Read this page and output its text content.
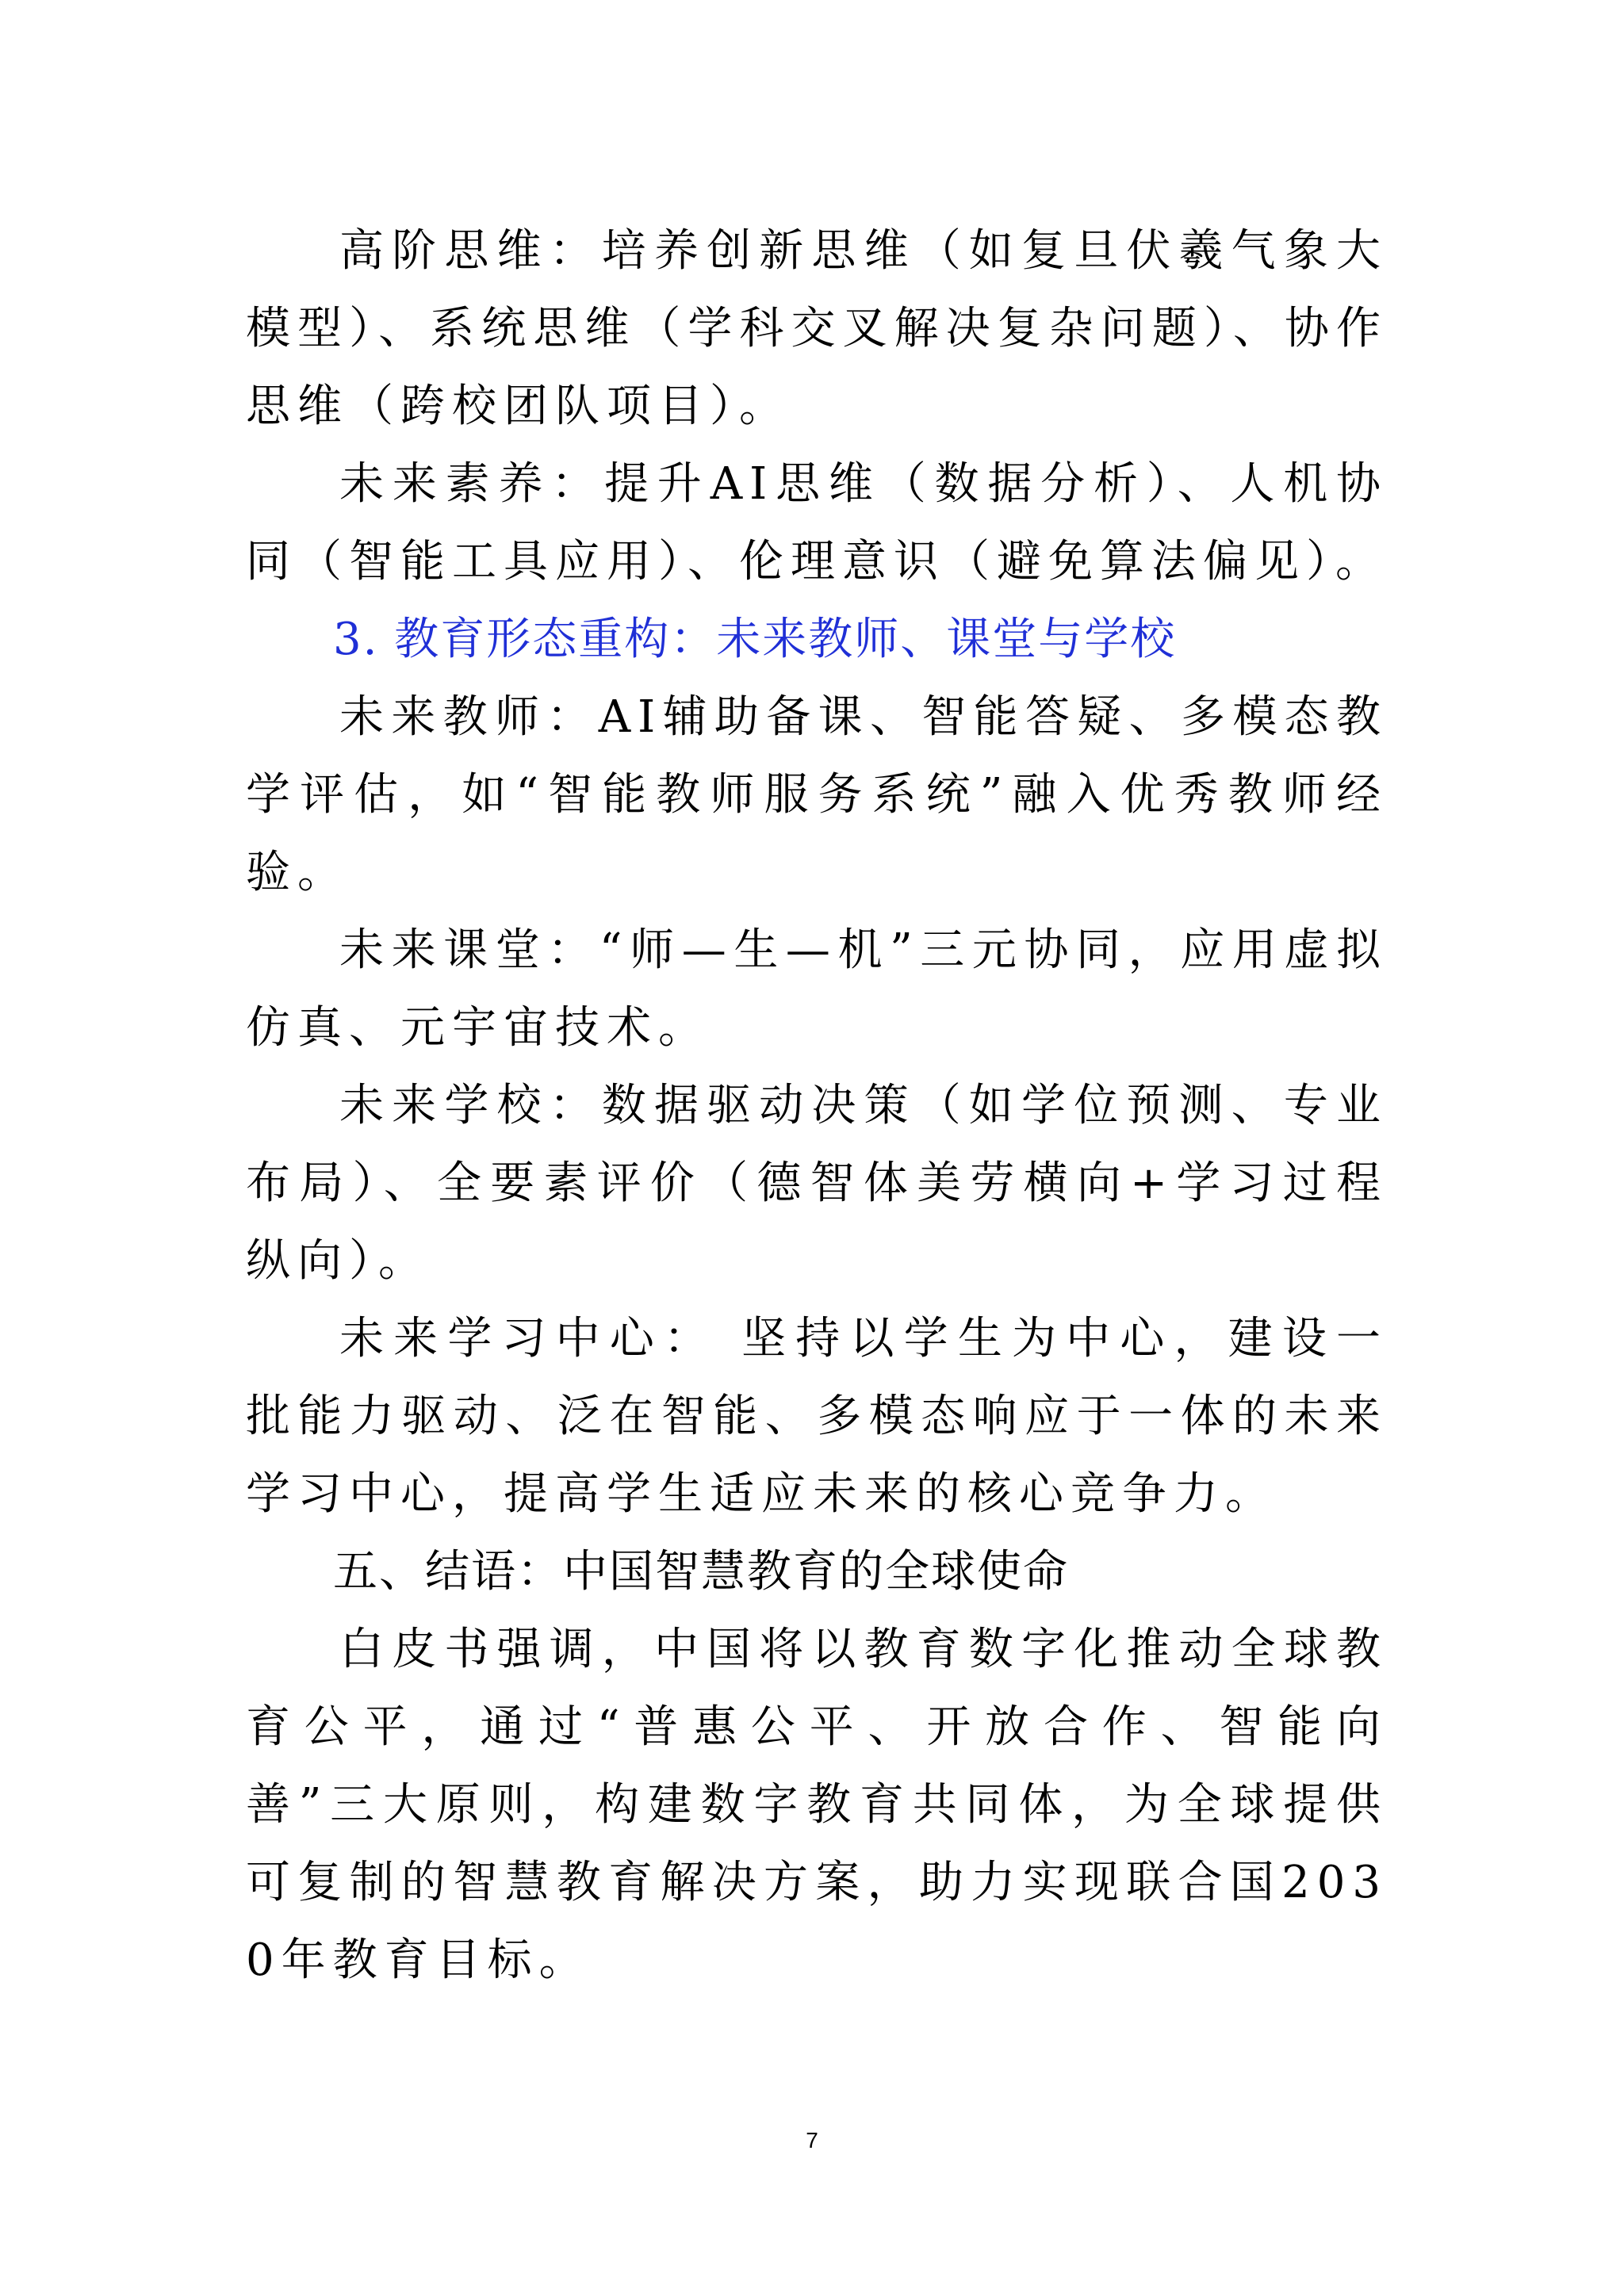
高阶思维：培养创新思维（如复旦伏羲气象大模型）、系统思维（学科交叉解决复杂问题）、协作思维（跨校团队项目）。

未来素养：提升AI思维（数据分析）、人机协同（智能工具应用）、伦理意识（避免算法偏见）。

3. 教育形态重构：未来教师、课堂与学校

未来教师：AI辅助备课、智能答疑、多模态教学评估，如“智能教师服务系统”融入优秀教师经验。

未来课堂：“师—生—机”三元协同，应用虚拟仿真、元宇宙技术。

未来学校：数据驱动决策（如学位预测、专业布局）、全要素评价（德智体美劳横向+学习过程纵向）。

未来学习中心： 坚持以学生为中心，建设一批能力驱动、泛在智能、多模态响应于一体的未来学习中心，提高学生适应未来的核心竞争力。

五、结语：中国智慧教育的全球使命

白皮书强调，中国将以教育数字化推动全球教育公平，通过“普惠公平、开放合作、智能向善”三大原则，构建数字教育共同体，为全球提供可复制的智慧教育解决方案，助力实现联合国2030年教育目标。

7
